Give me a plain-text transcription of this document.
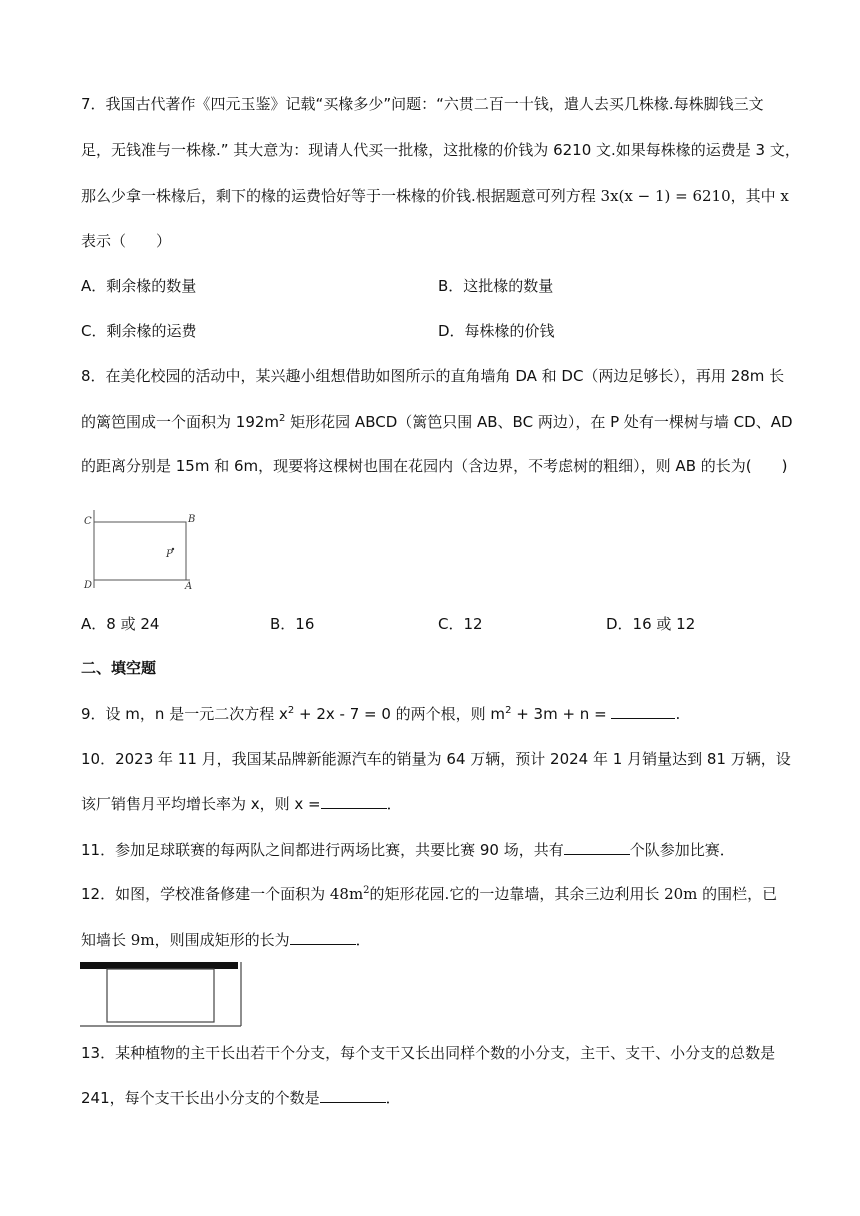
7．我国古代著作《四元玉鉴》记载“买椽多少”问题：“六贯二百一十钱，遣人去买几株椽.每株脚钱三文
足，无钱准与一株椽.” 其大意为：现请人代买一批椽，这批椽的价钱为 6210 文.如果每株椽的运费是 3 文，
那么少拿一株椽后，剩下的椽的运费恰好等于一株椽的价钱.根据题意可列方程 3x(x − 1) = 6210，其中 x
表示（　　）
A．剩余椽的数量	B．这批椽的数量
C．剩余椽的运费	D．每株椽的价钱
8．在美化校园的活动中，某兴趣小组想借助如图所示的直角墙角 DA 和 DC（两边足够长），再用 28m 长
的篱笆围成一个面积为 $192m^2$ 矩形花园 ABCD（篱笆只围 AB、BC 两边），在 P 处有一棵树与墙 CD、AD
的距离分别是 15m 和 6m，现要将这棵树也围在花园内（含边界，不考虑树的粗细），则 AB 的长为(　　)
C	B
P
D	A
A．8 或 24	B．16	C．12	D．16 或 12
二、填空题
9．设 m，n 是一元二次方程 $x^2 + 2x - 7 = 0$ 的两个根，则 $m^2 + 3m + n$ =	.
10．2023 年 11 月，我国某品牌新能源汽车的销量为 64 万辆，预计 2024 年 1 月销量达到 81 万辆，设
该厂销售月平均增长率为 x，则 x =	．
11．参加足球联赛的每两队之间都进行两场比赛，共要比赛 90 场，共有	个队参加比赛．
12．如图，学校准备修建一个面积为 $48m^2$的矩形花园.它的一边靠墙，其余三边利用长 20m 的围栏，已
知墙长 9m，则围成矩形的长为	．
13．某种植物的主干长出若干个分支，每个支干又长出同样个数的小分支，主干、支干、小分支的总数是
241，每个支干长出小分支的个数是	．
